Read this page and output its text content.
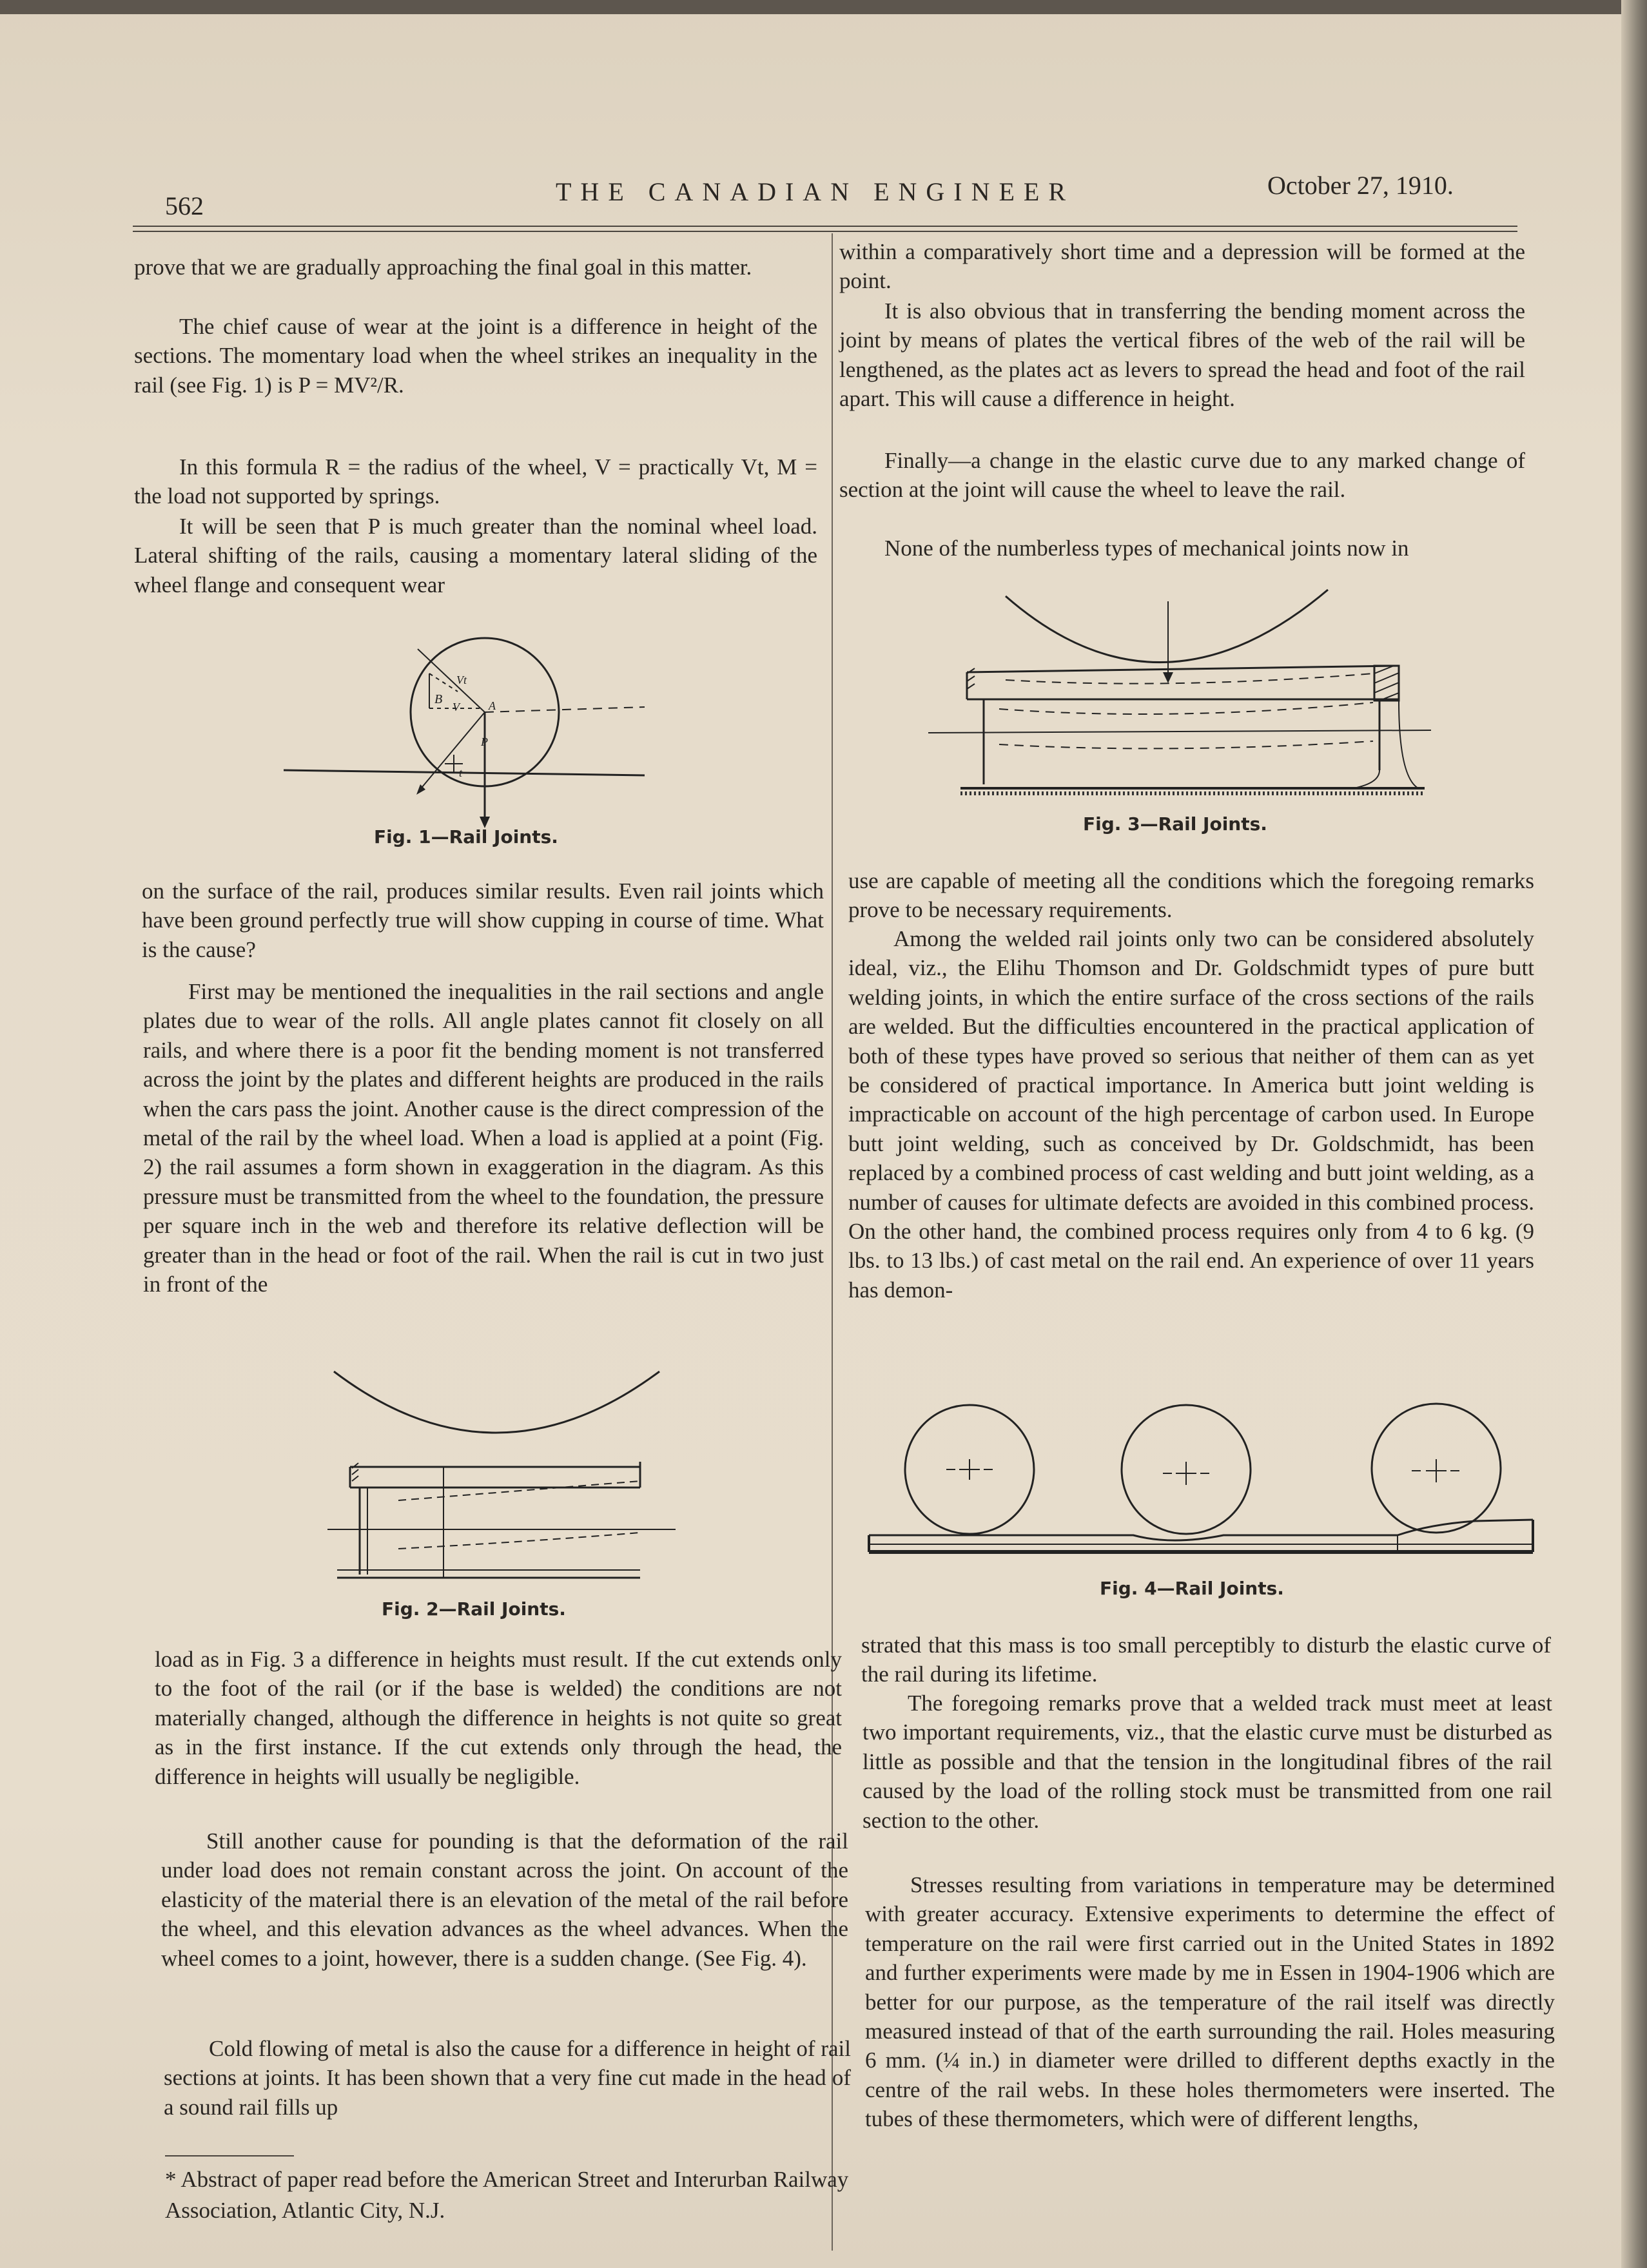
562	THE CANADIAN ENGINEER	October 27, 1910.

prove that we are gradually approaching the final goal in this matter.

The chief cause of wear at the joint is a difference in height of the sections. The momentary load when the wheel strikes an inequality in the rail (see Fig. 1) is P = MV²/R.

In this formula R = the radius of the wheel, V = practically Vt, M = the load not supported by springs.

It will be seen that P is much greater than the nominal wheel load. Lateral shifting of the rails, causing a momentary lateral sliding of the wheel flange and consequent wear

B
Vt
V	A
P
t

Fig. 1—Rail Joints.

on the surface of the rail, produces similar results. Even rail joints which have been ground perfectly true will show cupping in course of time. What is the cause?

First may be mentioned the inequalities in the rail sections and angle plates due to wear of the rolls. All angle plates cannot fit closely on all rails, and where there is a poor fit the bending moment is not transferred across the joint by the plates and different heights are produced in the rails when the cars pass the joint. Another cause is the direct compression of the metal of the rail by the wheel load. When a load is applied at a point (Fig. 2) the rail assumes a form shown in exaggeration in the diagram. As this pressure must be transmitted from the wheel to the foundation, the pressure per square inch in the web and therefore its relative deflection will be greater than in the head or foot of the rail. When the rail is cut in two just in front of the

Fig. 2—Rail Joints.

load as in Fig. 3 a difference in heights must result. If the cut extends only to the foot of the rail (or if the base is welded) the conditions are not materially changed, although the difference in heights is not quite so great as in the first instance. If the cut extends only through the head, the difference in heights will usually be negligible.

Still another cause for pounding is that the deformation of the rail under load does not remain constant across the joint. On account of the elasticity of the material there is an elevation of the metal of the rail before the wheel, and this elevation advances as the wheel advances. When the wheel comes to a joint, however, there is a sudden change. (See Fig. 4).

Cold flowing of metal is also the cause for a difference in height of rail sections at joints. It has been shown that a very fine cut made in the head of a sound rail fills up

* Abstract of paper read before the American Street and Interurban Railway Association, Atlantic City, N.J.

within a comparatively short time and a depression will be formed at the point.

It is also obvious that in transferring the bending moment across the joint by means of plates the vertical fibres of the web of the rail will be lengthened, as the plates act as levers to spread the head and foot of the rail apart. This will cause a difference in height.

Finally—a change in the elastic curve due to any marked change of section at the joint will cause the wheel to leave the rail.

None of the numberless types of mechanical joints now in

Fig. 3—Rail Joints.

use are capable of meeting all the conditions which the foregoing remarks prove to be necessary requirements.

Among the welded rail joints only two can be considered absolutely ideal, viz., the Elihu Thomson and Dr. Goldschmidt types of pure butt welding joints, in which the entire surface of the cross sections of the rails are welded. But the difficulties encountered in the practical application of both of these types have proved so serious that neither of them can as yet be considered of practical importance. In America butt joint welding is impracticable on account of the high percentage of carbon used. In Europe butt joint welding, such as conceived by Dr. Goldschmidt, has been replaced by a combined process of cast welding and butt joint welding, as a number of causes for ultimate defects are avoided in this combined process. On the other hand, the combined process requires only from 4 to 6 kg. (9 lbs. to 13 lbs.) of cast metal on the rail end. An experience of over 11 years has demon-

Fig. 4—Rail Joints.

strated that this mass is too small perceptibly to disturb the elastic curve of the rail during its lifetime.

The foregoing remarks prove that a welded track must meet at least two important requirements, viz., that the elastic curve must be disturbed as little as possible and that the tension in the longitudinal fibres of the rail caused by the load of the rolling stock must be transmitted from one rail section to the other.

Stresses resulting from variations in temperature may be determined with greater accuracy. Extensive experiments to determine the effect of temperature on the rail were first carried out in the United States in 1892 and further experiments were made by me in Essen in 1904-1906 which are better for our purpose, as the temperature of the rail itself was directly measured instead of that of the earth surrounding the rail. Holes measuring 6 mm. (¼ in.) in diameter were drilled to different depths exactly in the centre of the rail webs. In these holes thermometers were inserted. The tubes of these thermometers, which were of different lengths,
